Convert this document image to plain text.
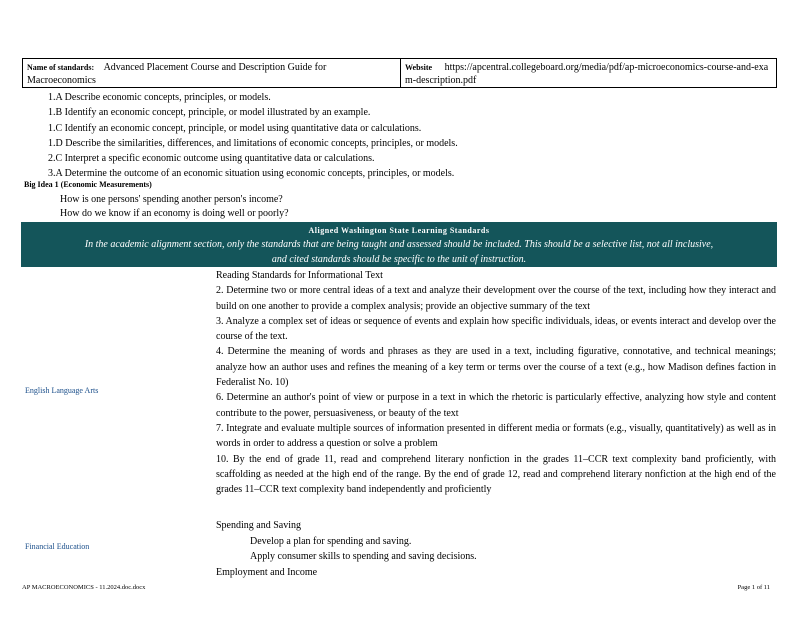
Name of standards: Advanced Placement Course and Description Guide for Macroeconomics
Website https://apcentral.collegeboard.org/media/pdf/ap-microeconomics-course-and-exam-description.pdf
1.A Describe economic concepts, principles, or models.
1.B Identify an economic concept, principle, or model illustrated by an example.
1.C Identify an economic concept, principle, or model using quantitative data or calculations.
1.D Describe the similarities, differences, and limitations of economic concepts, principles, or models.
2.C Interpret a specific economic outcome using quantitative data or calculations.
3.A Determine the outcome of an economic situation using economic concepts, principles, or models.
Big Idea 1 (Economic Measurements)
How is one persons' spending another person's income?
How do we know if an economy is doing well or poorly?
Aligned Washington State Learning Standards
In the academic alignment section, only the standards that are being taught and assessed should be included. This should be a selective list, not all inclusive,
and cited standards should be specific to the unit of instruction.
English Language Arts

Reading Standards for Informational Text

2. Determine two or more central ideas of a text and analyze their development over the course of the text, including how they interact and build on one another to provide a complex analysis; provide an objective summary of the text

3. Analyze a complex set of ideas or sequence of events and explain how specific individuals, ideas, or events interact and develop over the course of the text.

4. Determine the meaning of words and phrases as they are used in a text, including figurative, connotative, and technical meanings; analyze how an author uses and refines the meaning of a key term or terms over the course of a text (e.g., how Madison defines faction in Federalist No. 10)

6. Determine an author's point of view or purpose in a text in which the rhetoric is particularly effective, analyzing how style and content contribute to the power, persuasiveness, or beauty of the text

7. Integrate and evaluate multiple sources of information presented in different media or formats (e.g., visually, quantitatively) as well as in words in order to address a question or solve a problem

10. By the end of grade 11, read and comprehend literary nonfiction in the grades 11–CCR text complexity band proficiently, with scaffolding as needed at the high end of the range. By the end of grade 12, read and comprehend literary nonfiction at the high end of the grades 11–CCR text complexity band independently and proficiently

Financial Education
Spending and Saving
Develop a plan for spending and saving.
Apply consumer skills to spending and saving decisions.
Employment and Income
AP MACROECONOMICS - 11.2024.doc.docx	Page 1 of 11
